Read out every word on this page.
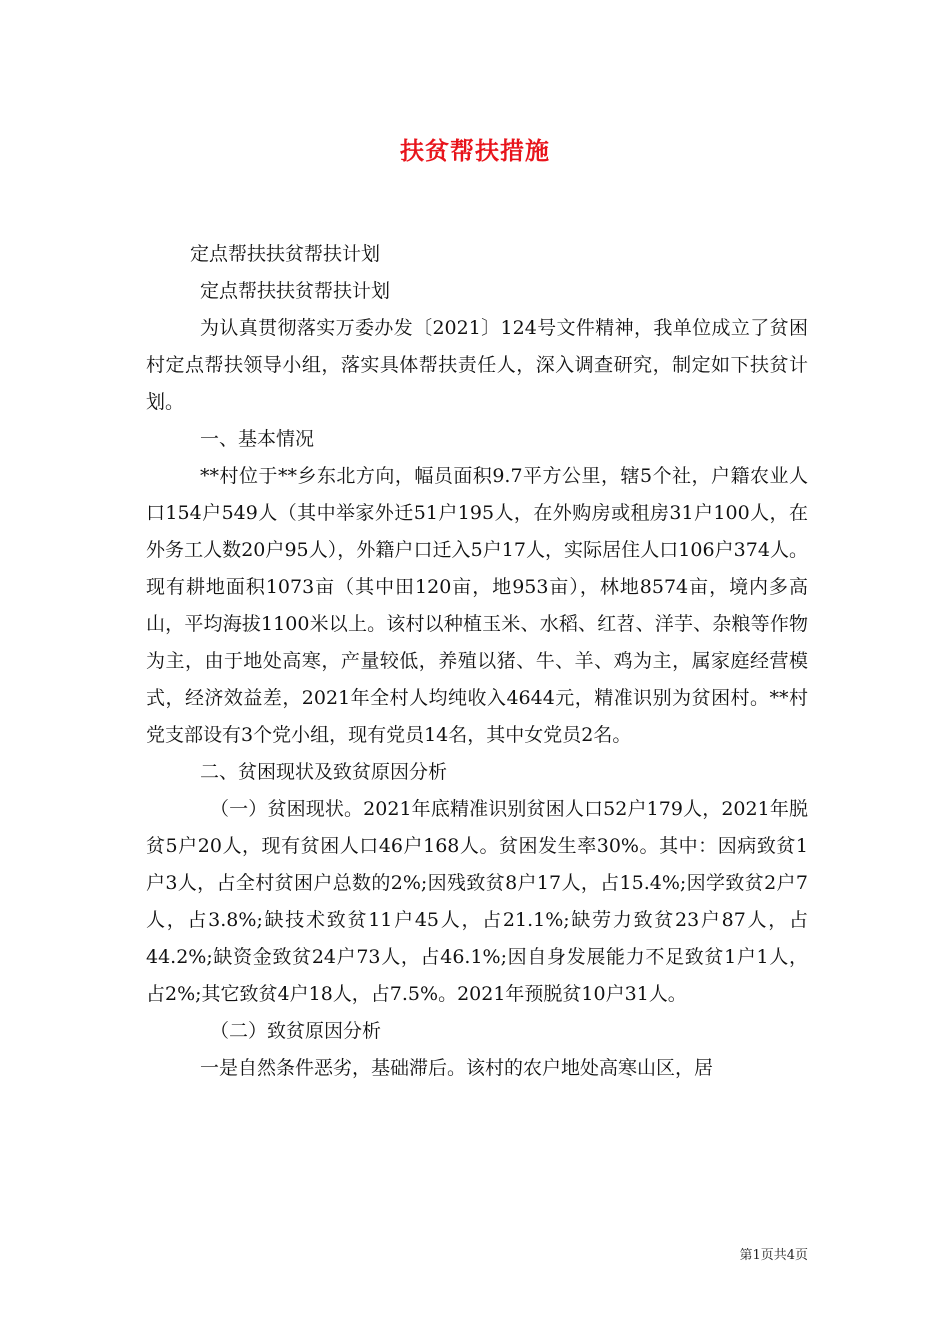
扶贫帮扶措施

定点帮扶扶贫帮扶计划

定点帮扶扶贫帮扶计划

为认真贯彻落实万委办发〔2021〕124号文件精神，我单位成立了贫困村定点帮扶领导小组，落实具体帮扶责任人，深入调查研究，制定如下扶贫计划。

一、基本情况

**村位于**乡东北方向，幅员面积9.7平方公里，辖5个社，户籍农业人口154户549人（其中举家外迁51户195人，在外购房或租房31户100人，在外务工人数20户95人），外籍户口迁入5户17人，实际居住人口106户374人。现有耕地面积1073亩（其中田120亩，地953亩），林地8574亩，境内多高山，平均海拔1100米以上。该村以种植玉米、水稻、红苕、洋芋、杂粮等作物为主，由于地处高寒，产量较低，养殖以猪、牛、羊、鸡为主，属家庭经营模式，经济效益差，2021年全村人均纯收入4644元，精准识别为贫困村。**村党支部设有3个党小组，现有党员14名，其中女党员2名。

二、贫困现状及致贫原因分析

（一）贫困现状。2021年底精准识别贫困人口52户179人，2021年脱贫5户20人，现有贫困人口46户168人。贫困发生率30%。其中：因病致贫1户3人，占全村贫困户总数的2%;因残致贫8户17人，占15.4%;因学致贫2户7人，占3.8%;缺技术致贫11户45人，占21.1%;缺劳力致贫23户87人，占44.2%;缺资金致贫24户73人，占46.1%;因自身发展能力不足致贫1户1人，占2%;其它致贫4户18人，占7.5%。2021年预脱贫10户31人。

（二）致贫原因分析

一是自然条件恶劣，基础滞后。该村的农户地处高寒山区，居

第1页共4页
